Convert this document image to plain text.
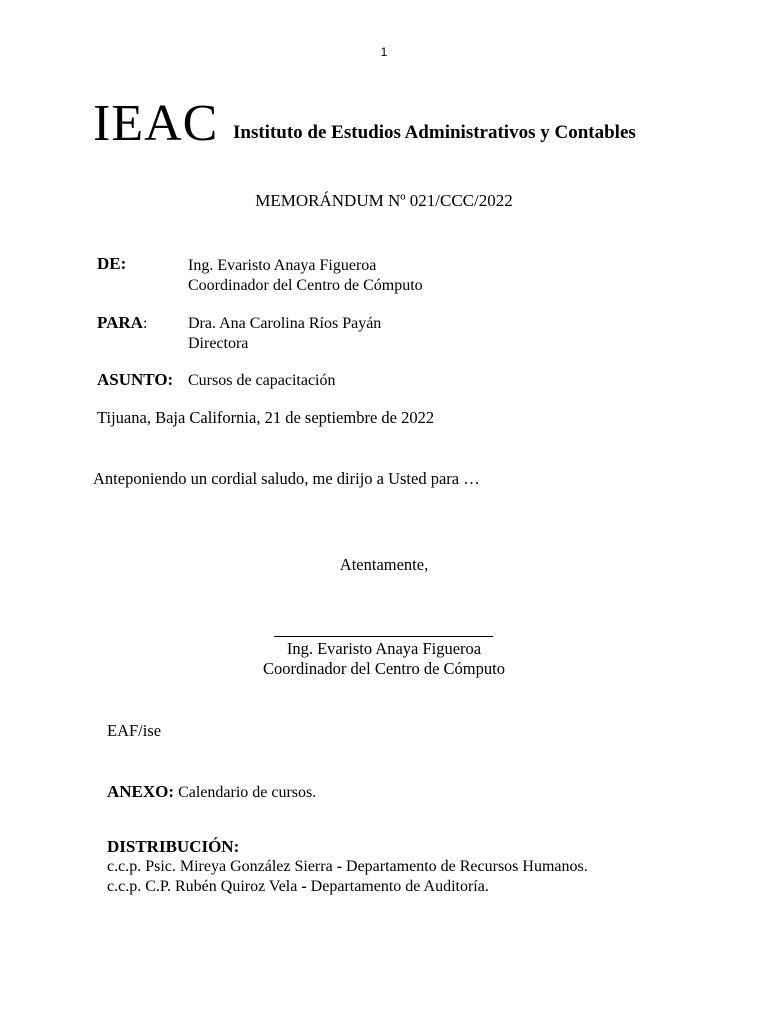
1
IEAC Instituto de Estudios Administrativos y Contables
MEMORÁNDUM Nº 021/CCC/2022
DE:	Ing. Evaristo Anaya Figueroa
Coordinador del Centro de Cómputo
PARA:	Dra. Ana Carolina Ríos Payán
Directora
ASUNTO: Cursos de capacitación
Tijuana, Baja California, 21 de septiembre de 2022
Anteponiendo un cordial saludo, me dirijo a Usted para …
Atentamente,
Ing. Evaristo Anaya Figueroa
Coordinador del Centro de Cómputo
EAF/ise
ANEXO: Calendario de cursos.
DISTRIBUCIÓN:
c.c.p. Psic. Mireya González Sierra - Departamento de Recursos Humanos.
c.c.p. C.P. Rubén Quiroz Vela - Departamento de Auditoría.
